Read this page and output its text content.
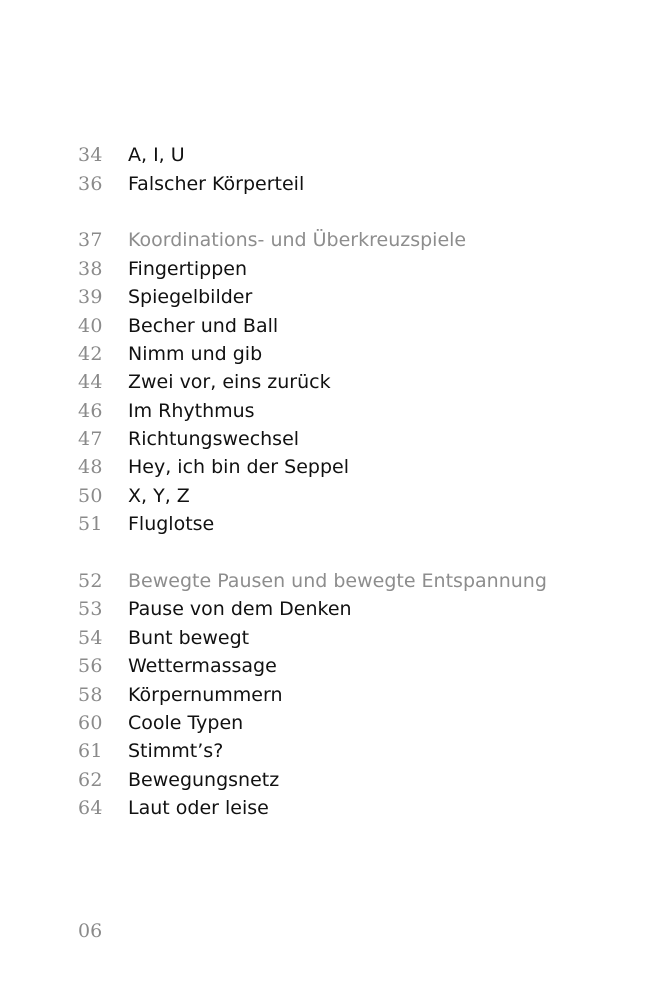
34	A, I, U
36	Falscher Körperteil
37	Koordinations- und Überkreuzspiele
38	Fingertippen
39	Spiegelbilder
40	Becher und Ball
42	Nimm und gib
44	Zwei vor, eins zurück
46	Im Rhythmus
47	Richtungswechsel
48	Hey, ich bin der Seppel
50	X, Y, Z
51	Fluglotse
52	Bewegte Pausen und bewegte Entspannung
53	Pause von dem Denken
54	Bunt bewegt
56	Wettermassage
58	Körpernummern
60	Coole Typen
61	Stimmt’s?
62	Bewegungsnetz
64	Laut oder leise
06
